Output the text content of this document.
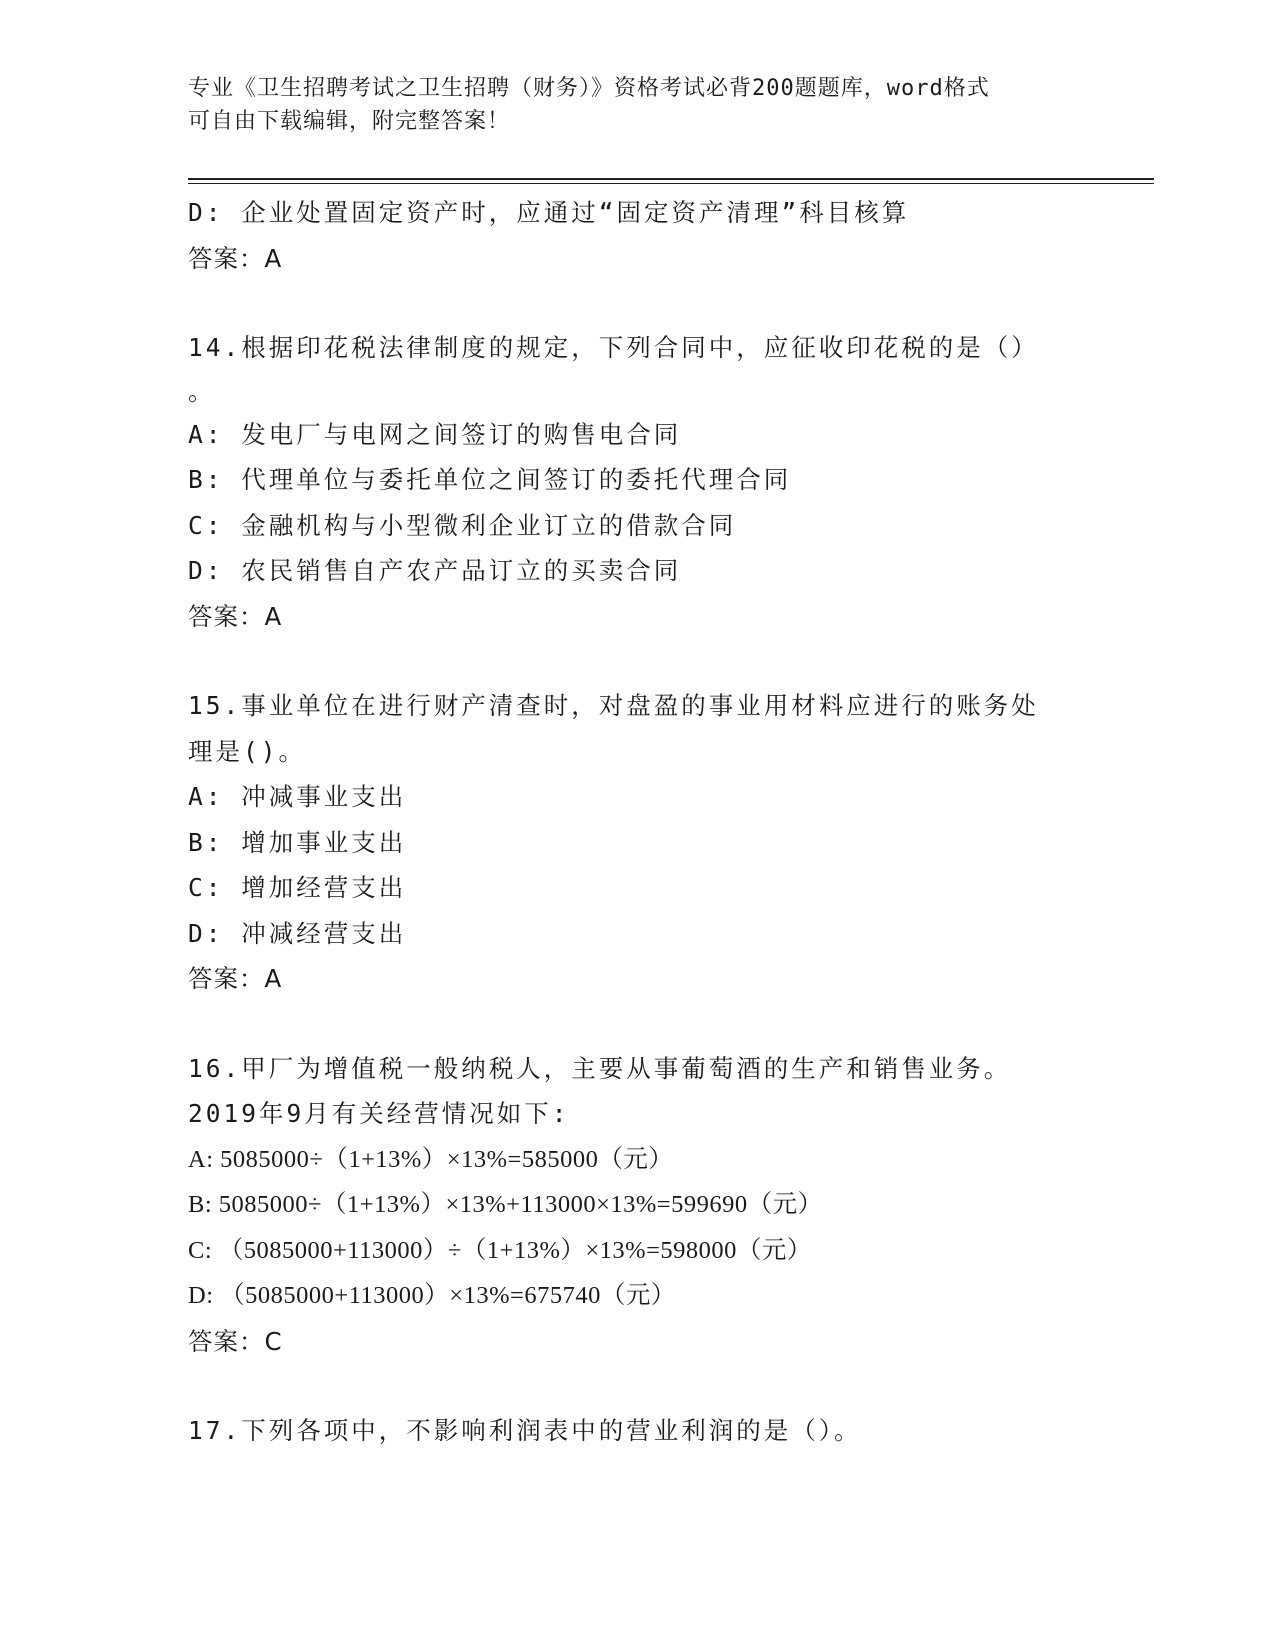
专业《卫生招聘考试之卫生招聘（财务）》资格考试必背200题题库，word格式
可自由下载编辑，附完整答案！
D: 企业处置固定资产时，应通过“固定资产清理”科目核算
答案：A
14.根据印花税法律制度的规定，下列合同中，应征收印花税的是（）
。
A: 发电厂与电网之间签订的购售电合同
B: 代理单位与委托单位之间签订的委托代理合同
C: 金融机构与小型微利企业订立的借款合同
D: 农民销售自产农产品订立的买卖合同
答案：A
15.事业单位在进行财产清查时，对盘盈的事业用材料应进行的账务处
理是()。
A: 冲减事业支出
B: 增加事业支出
C: 增加经营支出
D: 冲减经营支出
答案：A
16.甲厂为增值税一般纳税人，主要从事葡萄酒的生产和销售业务。
2019年9月有关经营情况如下:
A: 5085000÷（1+13%）×13%=585000（元）
B: 5085000÷（1+13%）×13%+113000×13%=599690（元）
C: （5085000+113000）÷（1+13%）×13%=598000（元）
D: （5085000+113000）×13%=675740（元）
答案：C
17.下列各项中，不影响利润表中的营业利润的是（）。
